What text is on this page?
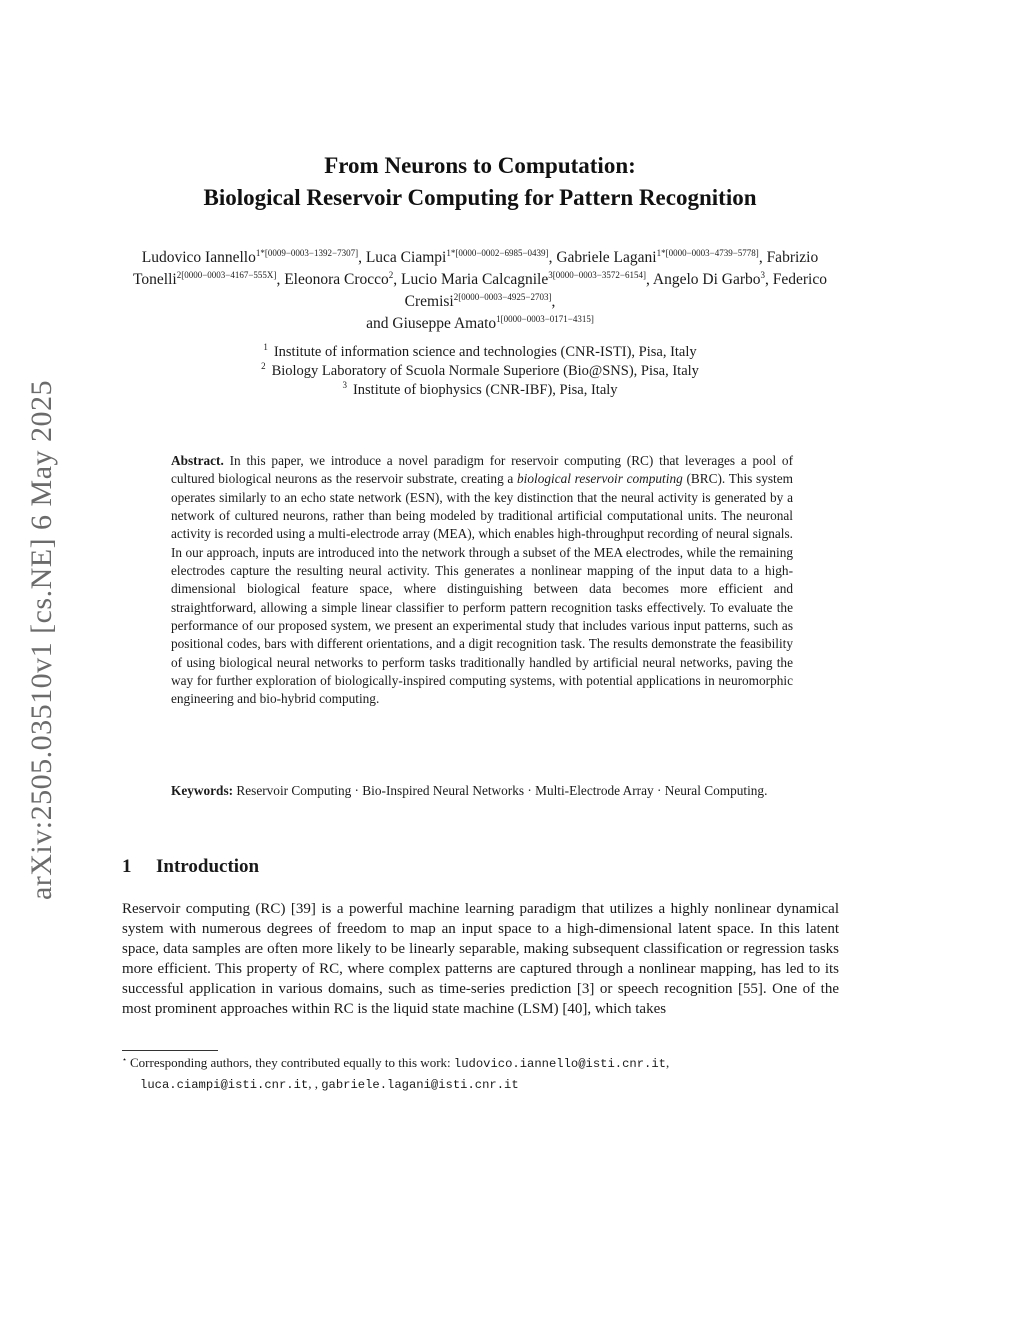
arXiv:2505.03510v1 [cs.NE] 6 May 2025
From Neurons to Computation:
Biological Reservoir Computing for Pattern Recognition
Ludovico Iannello$^{1*[0009-0003-1392-7307]}$, Luca Ciampi$^{1*[0000-0002-6985-0439]}$, Gabriele Lagani$^{1*[0000-0003-4739-5778]}$, Fabrizio Tonelli$^{2[0000-0003-4167-555X]}$, Eleonora Crocco$^2$, Lucio Maria Calcagnile$^{3[0000-0003-3572-6154]}$, Angelo Di Garbo$^3$, Federico Cremisi$^{2[0000-0003-4925-2703]}$,
and Giuseppe Amato$^{1[0000-0003-0171-4315]}$
$^1$ Institute of information science and technologies (CNR-ISTI), Pisa, Italy
$^2$ Biology Laboratory of Scuola Normale Superiore (Bio@SNS), Pisa, Italy
$^3$ Institute of biophysics (CNR-IBF), Pisa, Italy
Abstract. In this paper, we introduce a novel paradigm for reservoir computing (RC) that leverages a pool of cultured biological neurons as the reservoir substrate, creating a biological reservoir computing (BRC). This system operates similarly to an echo state network (ESN), with the key distinction that the neural activity is generated by a network of cultured neurons, rather than being modeled by traditional artificial computational units. The neuronal activity is recorded using a multi-electrode array (MEA), which enables high-throughput recording of neural signals. In our approach, inputs are introduced into the network through a subset of the MEA electrodes, while the remaining electrodes capture the resulting neural activity. This generates a nonlinear mapping of the input data to a high-dimensional biological feature space, where distinguishing between data becomes more efficient and straightforward, allowing a simple linear classifier to perform pattern recognition tasks effectively. To evaluate the performance of our proposed system, we present an experimental study that includes various input patterns, such as positional codes, bars with different orientations, and a digit recognition task. The results demonstrate the feasibility of using biological neural networks to perform tasks traditionally handled by artificial neural networks, paving the way for further exploration of biologically-inspired computing systems, with potential applications in neuromorphic engineering and bio-hybrid computing.
Keywords: Reservoir Computing · Bio-Inspired Neural Networks · Multi-Electrode Array · Neural Computing.
1 Introduction
Reservoir computing (RC) [39] is a powerful machine learning paradigm that utilizes a highly nonlinear dynamical system with numerous degrees of freedom to map an input space to a high-dimensional latent space. In this latent space, data samples are often more likely to be linearly separable, making subsequent classification or regression tasks more efficient. This property of RC, where complex patterns are captured through a nonlinear mapping, has led to its successful application in various domains, such as time-series prediction [3] or speech recognition [55]. One of the most prominent approaches within RC is the liquid state machine (LSM) [40], which takes
⋆ Corresponding authors, they contributed equally to this work: ludovico.iannello@isti.cnr.it,
luca.ciampi@isti.cnr.it, , gabriele.lagani@isti.cnr.it
